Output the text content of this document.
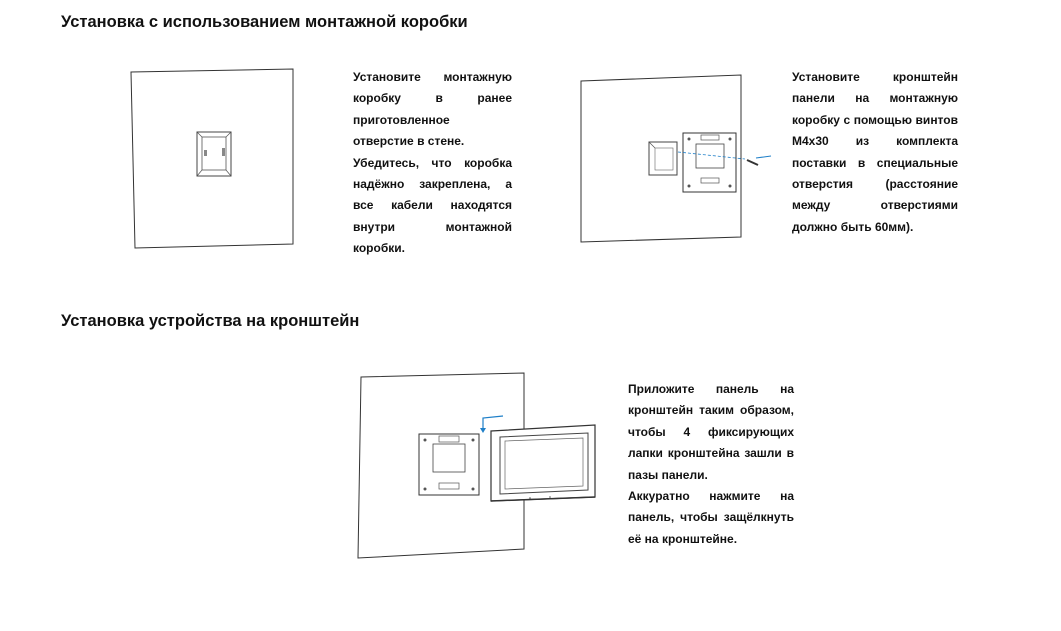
Установка с использованием монтажной коробки

Установите монтажную коробку в ранее приготовленное отверстие в стене.

Убедитесь, что коробка надёжно закреплена, а все кабели находятся внутри монтажной коробки.

Установите кронштейн панели на монтажную коробку с помощью винтов М4х30 из комплекта поставки в специальные отверстия (расстояние между отверстиями должно быть 60мм).

Установка устройства на кронштейн

Приложите панель на кронштейн таким образом, чтобы 4 фиксирующих лапки кронштейна зашли в пазы панели.

Аккуратно нажмите на панель, чтобы защёлкнуть её на кронштейне.
